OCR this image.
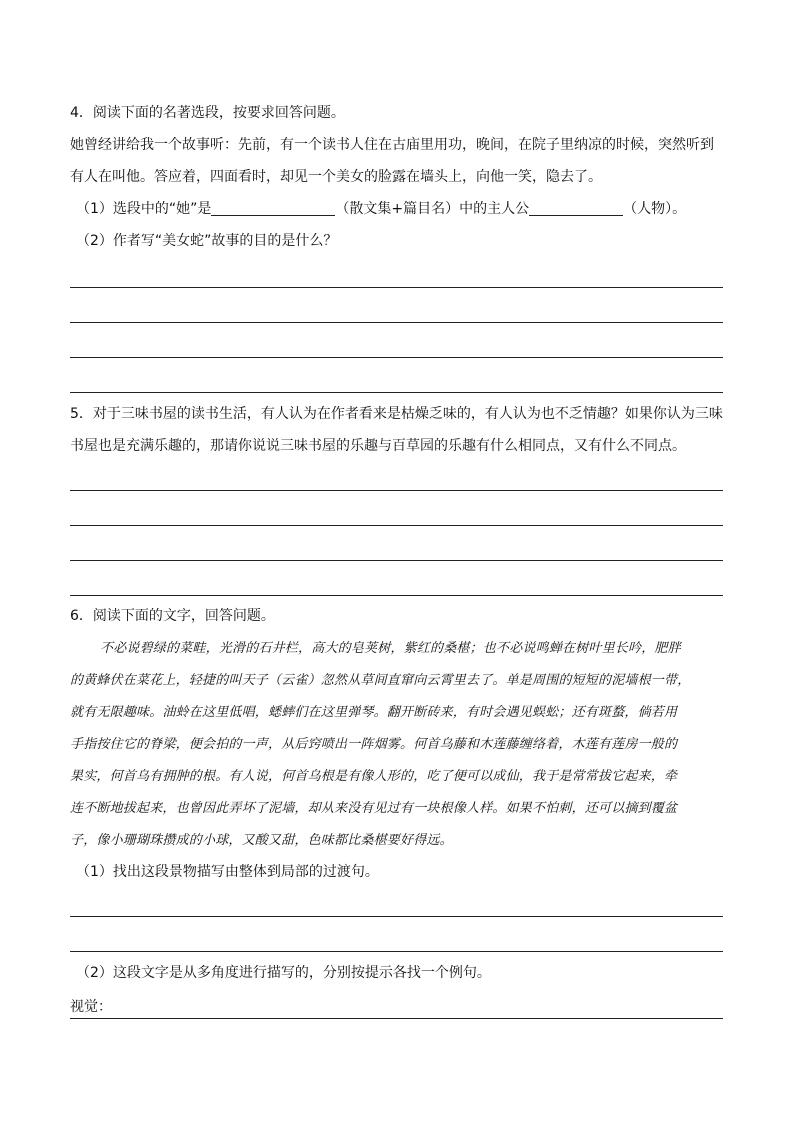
4．阅读下面的名著选段，按要求回答问题。
她曾经讲给我一个故事听：先前，有一个读书人住在古庙里用功，晚间，在院子里纳凉的时候，突然听到
有人在叫他。答应着，四面看时，却见一个美女的脸露在墙头上，向他一笑，隐去了。
（1）选段中的“她”是	（散文集+篇目名）中的主人公	（人物）。
（2）作者写“美女蛇”故事的目的是什么？
5．对于三味书屋的读书生活，有人认为在作者看来是枯燥乏味的，有人认为也不乏情趣？如果你认为三味
书屋也是充满乐趣的，那请你说说三味书屋的乐趣与百草园的乐趣有什么相同点，又有什么不同点。
6．阅读下面的文字，回答问题。
不必说碧绿的菜畦，光滑的石井栏，高大的皂荚树，紫红的桑椹；也不必说鸣蝉在树叶里长吟，肥胖
的黄蜂伏在菜花上，轻捷的叫天子（云雀）忽然从草间直窜向云霄里去了。单是周围的短短的泥墙根一带，
就有无限趣味。油蛉在这里低唱，蟋蟀们在这里弹琴。翻开断砖来，有时会遇见蜈蚣；还有斑蝥，倘若用
手指按住它的脊梁，便会拍的一声，从后窍喷出一阵烟雾。何首乌藤和木莲藤缠络着，木莲有莲房一般的
果实，何首乌有拥肿的根。有人说，何首乌根是有像人形的，吃了便可以成仙，我于是常常拔它起来，牵
连不断地拔起来，也曾因此弄坏了泥墙，却从来没有见过有一块根像人样。如果不怕刺，还可以摘到覆盆
子，像小珊瑚珠攒成的小球，又酸又甜，色味都比桑椹要好得远。
（1）找出这段景物描写由整体到局部的过渡句。
（2）这段文字是从多角度进行描写的，分别按提示各找一个例句。
视觉：
